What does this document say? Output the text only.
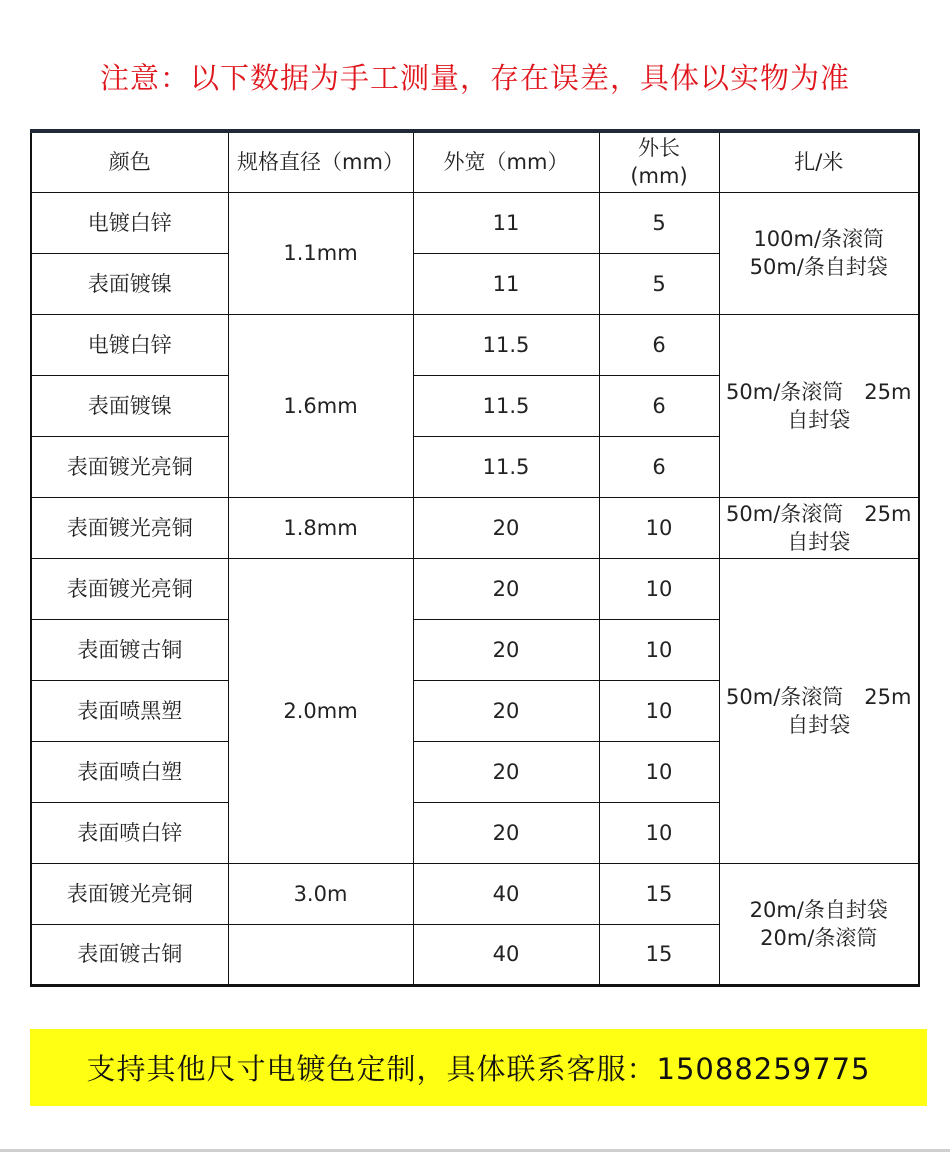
注意：以下数据为手工测量，存在误差，具体以实物为准
颜色	规格直径（mm）	外宽（mm）	外长
(mm)	扎/米
电镀白锌	1.1mm	11	5	100m/条滚筒
50m/条自封袋

表面镀镍		11	5	
电镀白锌	1.6mm	11.5	6	50m/条滚筒　25m
自封袋

表面镀镍		11.5	6	
表面镀光亮铜		11.5	6	
表面镀光亮铜	1.8mm	20	10	50m/条滚筒　25m
自封袋

表面镀光亮铜	2.0mm	20	10	50m/条滚筒　25m
自封袋

表面镀古铜		20	10	
表面喷黑塑		20	10	
表面喷白塑		20	10	
表面喷白锌		20	10	
表面镀光亮铜	3.0m	40	15	20m/条自封袋
20m/条滚筒

表面镀古铜		40	15	
支持其他尺寸电镀色定制，具体联系客服：15088259775
